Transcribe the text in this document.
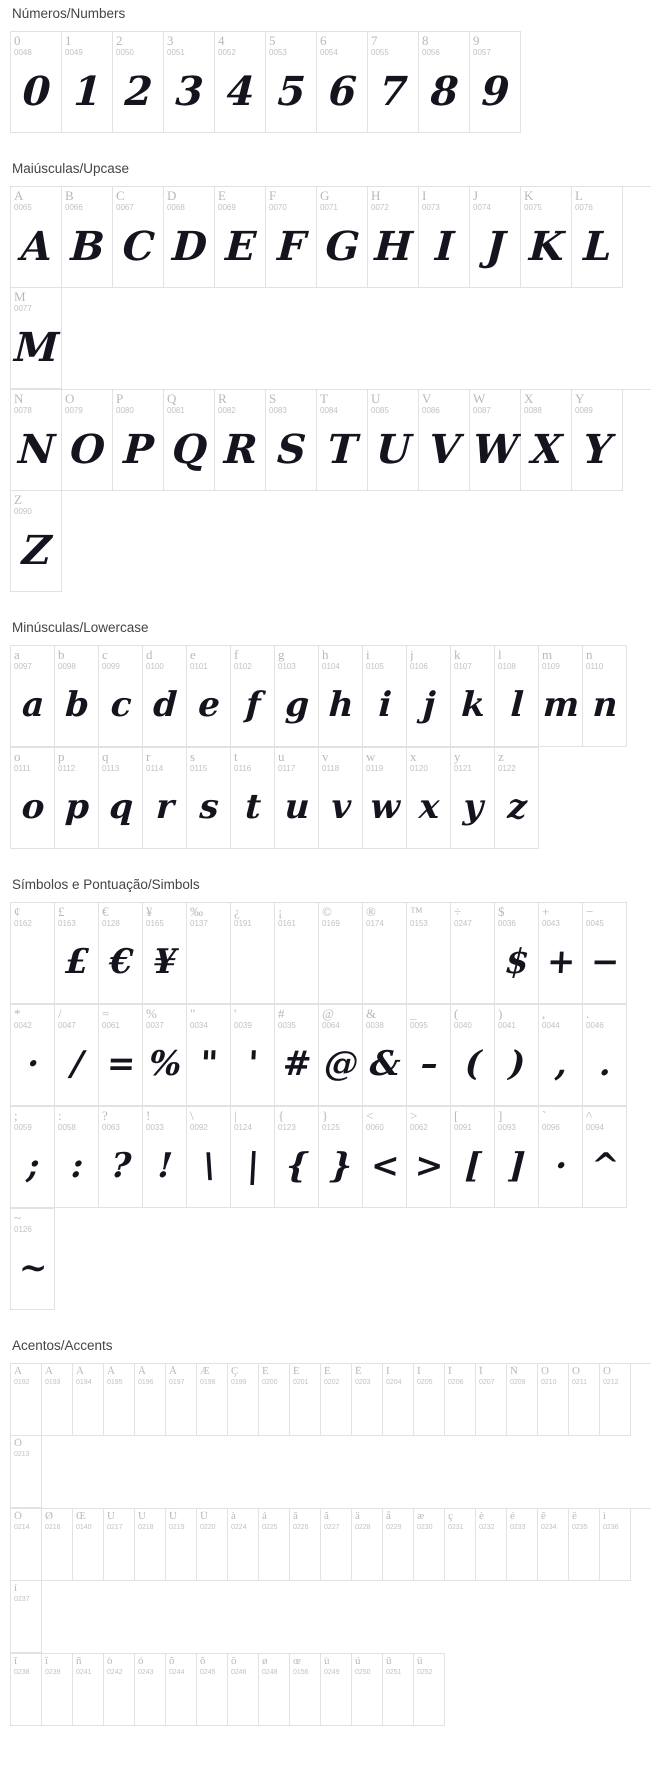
Números/Numbers
0
0048
0
1
0049
1
2
0050
2
3
0051
3
4
0052
4
5
0053
5
6
0054
6
7
0055
7
8
0056
8
9
0057
9
Maiúsculas/Upcase
A
0065
A
B
0066
B
C
0067
C
D
0068
D
E
0069
E
F
0070
F
G
0071
G
H
0072
H
I
0073
I
J
0074
J
K
0075
K
L
0076
L
M
0077
M
N
0078
N
O
0079
O
P
0080
P
Q
0081
Q
R
0082
R
S
0083
S
T
0084
T
U
0085
U
V
0086
V
W
0087
W
X
0088
X
Y
0089
Y
Z
0090
Z
Minúsculas/Lowercase
a
0097
a
b
0098
b
c
0099
c
d
0100
d
e
0101
e
f
0102
f
g
0103
g
h
0104
h
i
0105
i
j
0106
j
k
0107
k
l
0108
l
m
0109
m
n
0110
n
o
0111
o
p
0112
p
q
0113
q
r
0114
r
s
0115
s
t
0116
t
u
0117
u
v
0118
v
w
0119
w
x
0120
x
y
0121
y
z
0122
z
Símbolos e Pontuação/Simbols
¢
0162
£
0163
£
€
0128
€
¥
0165
¥
‰
0137
¿
0191
¡
0161
©
0169
®
0174
™
0153
÷
0247
$
0036
$
+
0043
+
−
0045
−
*
0042
·
/
0047
/
=
0061
=
%
0037
%
"
0034
"
'
0039
'
#
0035
#
@
0064
@
&
0038
&
_
0095
–
(
0040
(
)
0041
)
,
0044
,
.
0046
.
;
0059
;
:
0058
:
?
0063
?
!
0033
!
\
0092
\
|
0124
|
{
0123
{
}
0125
}
<
0060
<
>
0062
>
[
0091
[
]
0093
]
`
0096
·
^
0094
^
~
0126
~
Acentos/Accents
À
0192
Á
0193
Â
0194
Ã
0195
Ä
0196
Å
0197
Æ
0198
Ç
0199
È
0200
É
0201
Ê
0202
Ë
0203
Ì
0204
Í
0205
Î
0206
Ï
0207
Ñ
0209
Ò
0210
Ó
0211
Ô
0212
Õ
0213
Ö
0214
Ø
0216
Œ
0140
Ù
0217
Ú
0218
Û
0219
Ü
0220
à
0224
á
0225
â
0226
ã
0227
ä
0228
å
0229
æ
0230
ç
0231
è
0232
é
0233
ê
0234
ë
0235
ì
0236
í
0237
î
0238
ï
0239
ñ
0241
ò
0242
ó
0243
ô
0244
õ
0245
ö
0246
ø
0248
œ
0156
ù
0249
ú
0250
û
0251
ü
0252
